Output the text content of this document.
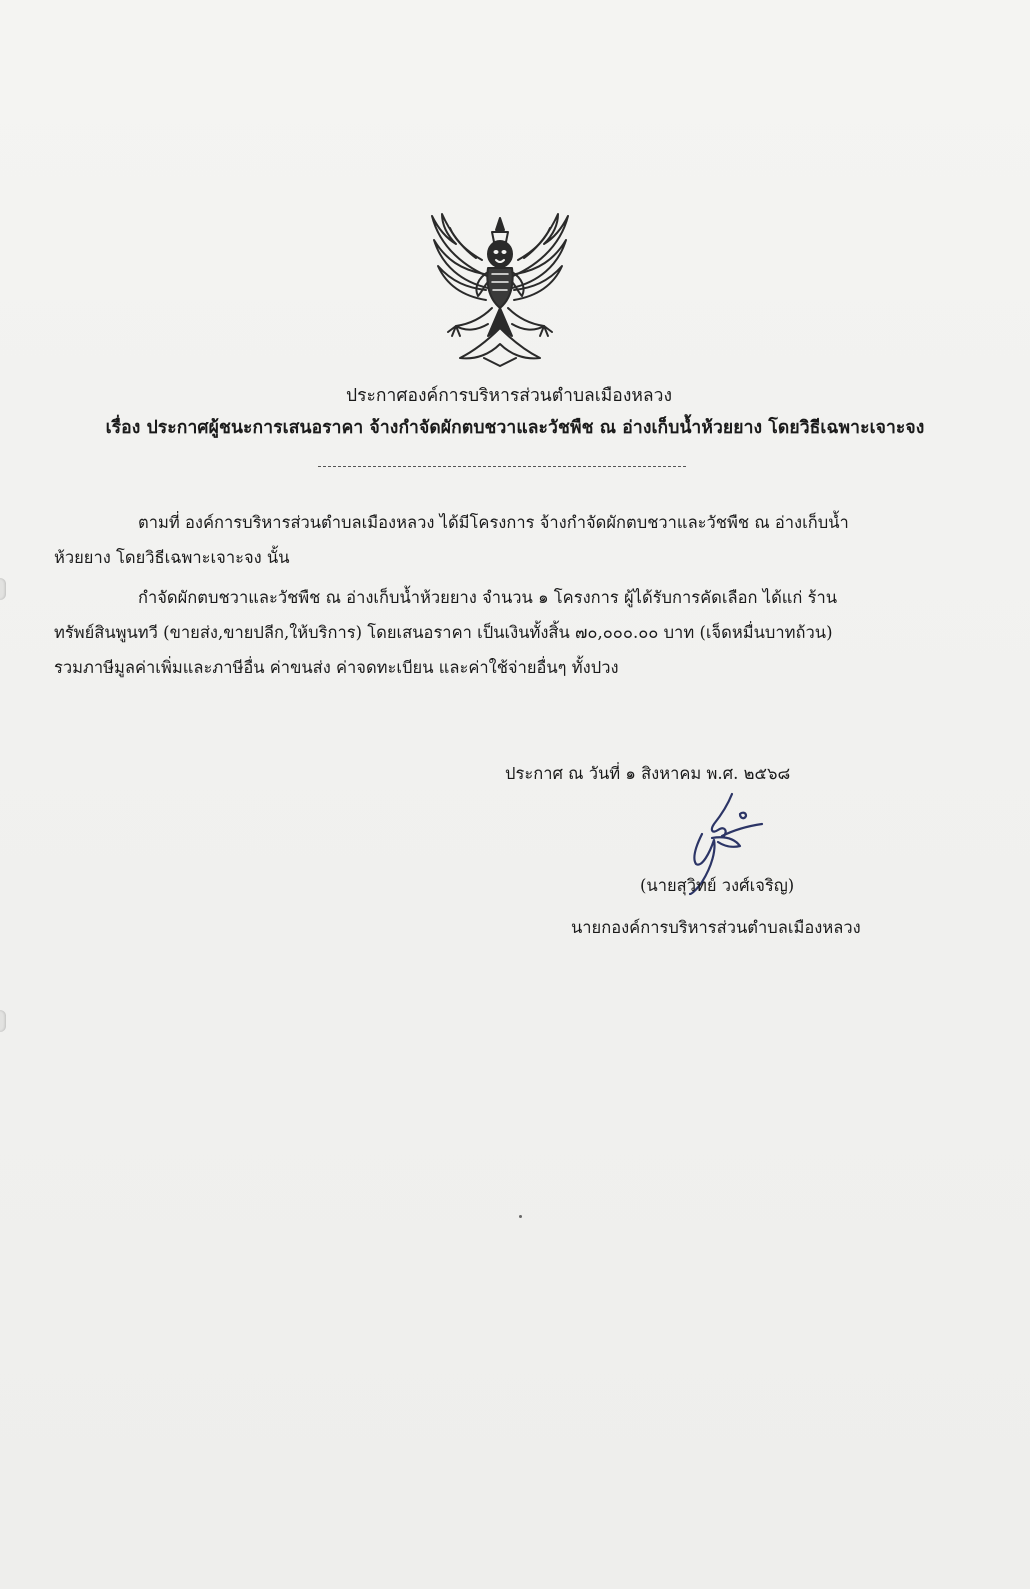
ประกาศองค์การบริหารส่วนตำบลเมืองหลวง
เรื่อง ประกาศผู้ชนะการเสนอราคา จ้างกำจัดผักตบชวาและวัชพืช ณ อ่างเก็บน้ำห้วยยาง โดยวิธีเฉพาะเจาะจง
ตามที่ องค์การบริหารส่วนตำบลเมืองหลวง ได้มีโครงการ จ้างกำจัดผักตบชวาและวัชพืช ณ อ่างเก็บน้ำ
ห้วยยาง โดยวิธีเฉพาะเจาะจง นั้น
กำจัดผักตบชวาและวัชพืช ณ อ่างเก็บน้ำห้วยยาง จำนวน ๑ โครงการ ผู้ได้รับการคัดเลือก ได้แก่ ร้าน
ทรัพย์สินพูนทวี (ขายส่ง,ขายปลีก,ให้บริการ) โดยเสนอราคา เป็นเงินทั้งสิ้น ๗๐,๐๐๐.๐๐ บาท (เจ็ดหมื่นบาทถ้วน)
รวมภาษีมูลค่าเพิ่มและภาษีอื่น ค่าขนส่ง ค่าจดทะเบียน และค่าใช้จ่ายอื่นๆ ทั้งปวง
ประกาศ ณ วันที่ ๑ สิงหาคม พ.ศ. ๒๕๖๘
(นายสุวิทย์ วงศ์เจริญ)
นายกองค์การบริหารส่วนตำบลเมืองหลวง
